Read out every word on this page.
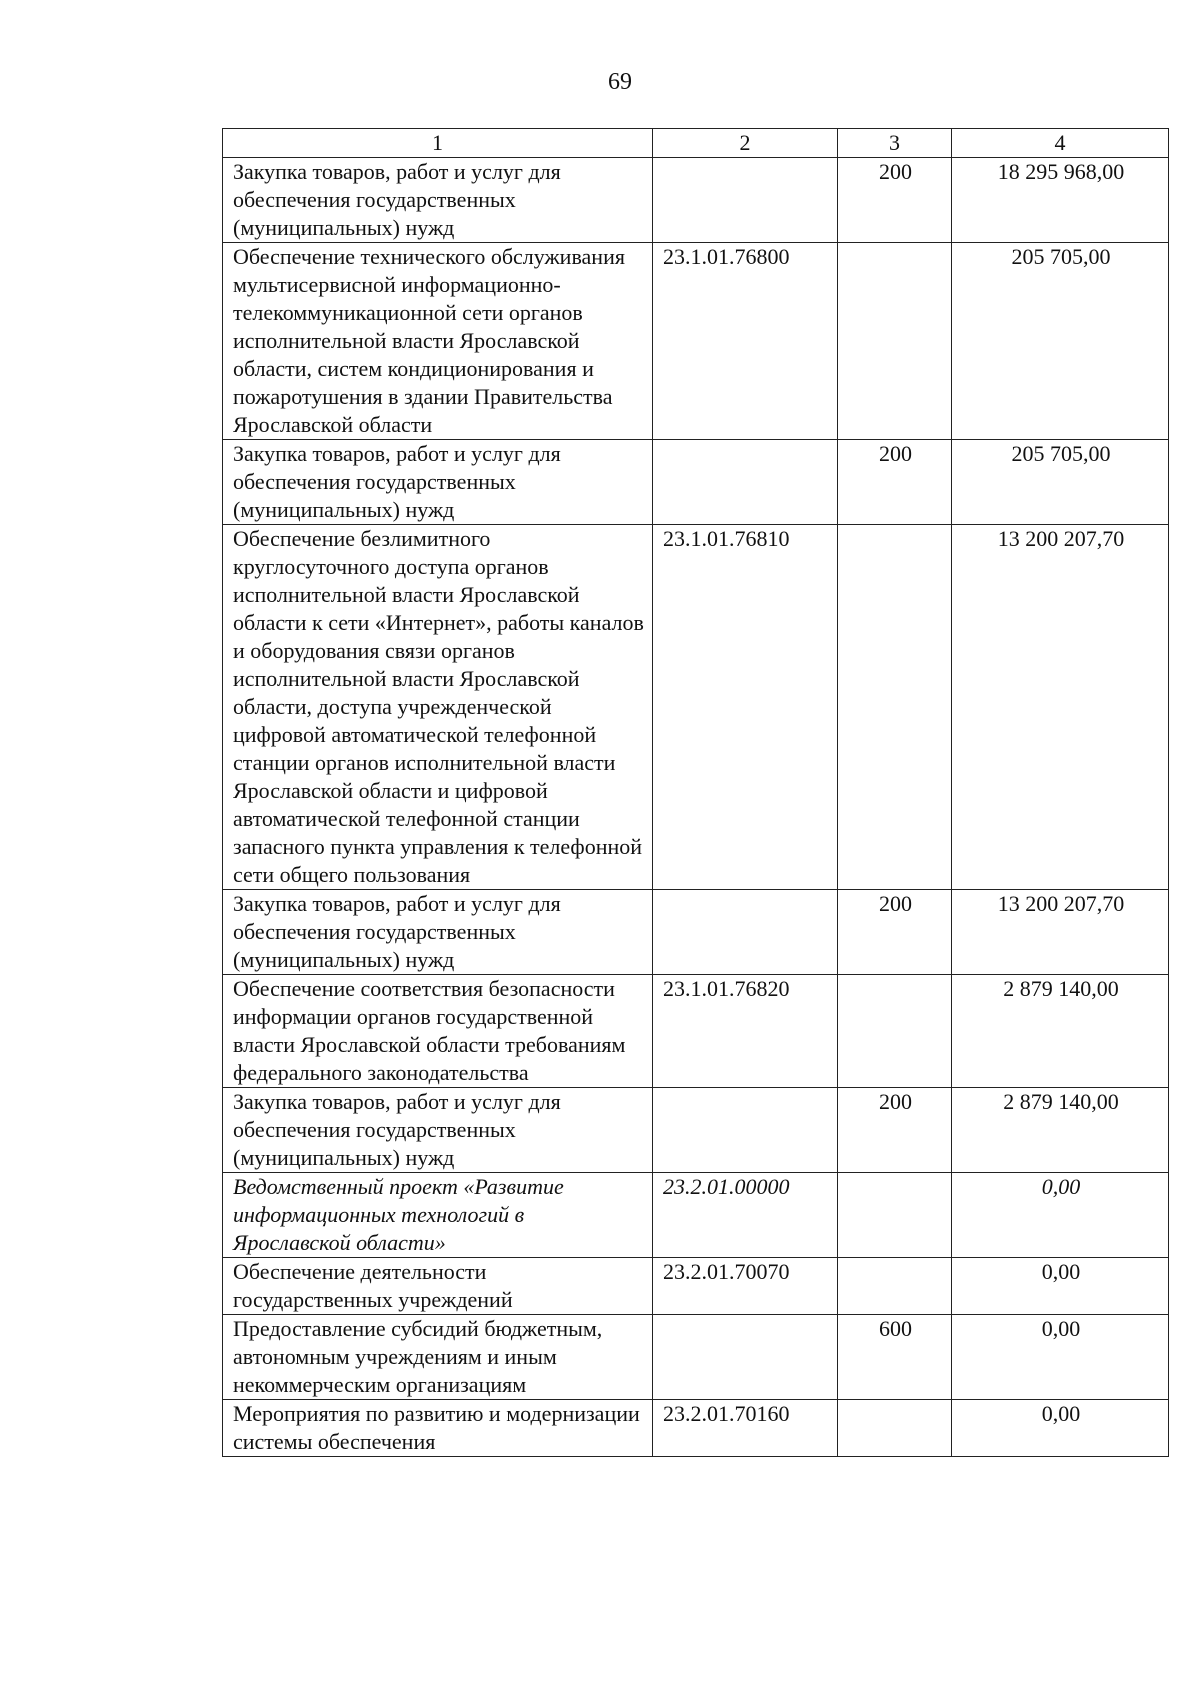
69
1	2	3	4
Закупка товаров, работ и услуг для обеспечения государственных (муниципальных) нужд		200	18 295 968,00
Обеспечение технического обслуживания мультисервисной информационно-телекоммуникационной сети органов исполнительной власти Ярославской области, систем кондиционирования и пожаротушения в здании Правительства Ярославской области	23.1.01.76800		205 705,00
Закупка товаров, работ и услуг для обеспечения государственных (муниципальных) нужд		200	205 705,00
Обеспечение безлимитного круглосуточного доступа органов исполнительной власти Ярославской области к сети «Интернет», работы каналов и оборудования связи органов исполнительной власти Ярославской области, доступа учрежденческой цифровой автоматической телефонной станции органов исполнительной власти Ярославской области и цифровой автоматической телефонной станции запасного пункта управления к телефонной сети общего пользования	23.1.01.76810		13 200 207,70
Закупка товаров, работ и услуг для обеспечения государственных (муниципальных) нужд		200	13 200 207,70
Обеспечение соответствия безопасности информации органов государственной власти Ярославской области требованиям федерального законодательства	23.1.01.76820		2 879 140,00
Закупка товаров, работ и услуг для обеспечения государственных (муниципальных) нужд		200	2 879 140,00
Ведомственный проект «Развитие информационных технологий в Ярославской области»	23.2.01.00000		0,00
Обеспечение деятельности государственных учреждений	23.2.01.70070		0,00
Предоставление субсидий бюджетным, автономным учреждениям и иным некоммерческим организациям		600	0,00
Мероприятия по развитию и модернизации системы обеспечения	23.2.01.70160		0,00
